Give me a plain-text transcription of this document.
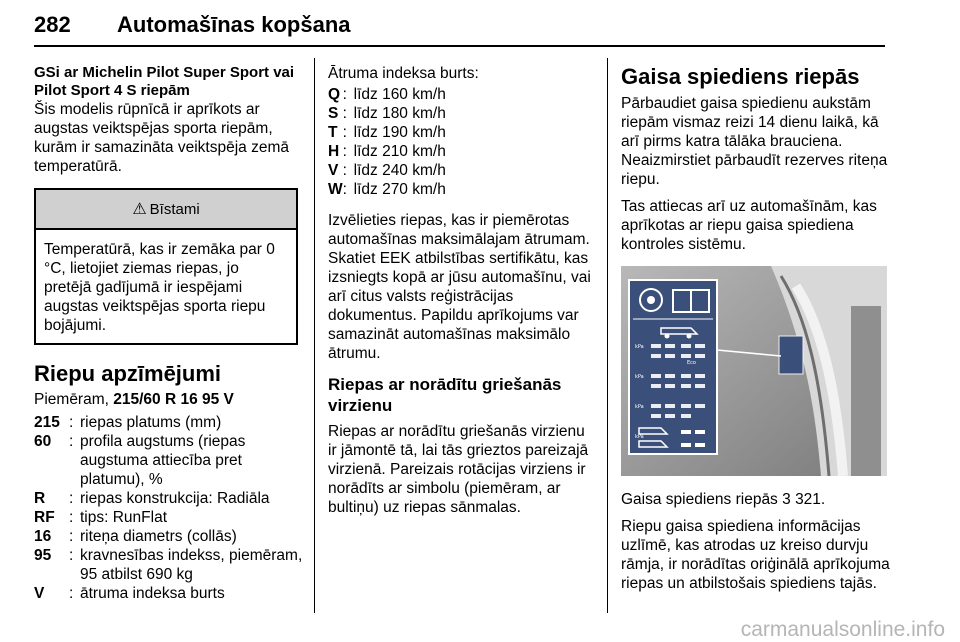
282 Automašīnas kopšana
GSi ar Michelin Pilot Super Sport vai Pilot Sport 4 S riepām

Šis modelis rūpnīcā ir aprīkots ar augstas veiktspējas sporta riepām, kurām ir samazināta veiktspēja zemā temperatūrā.

⚠ Bīstami
Temperatūrā, kas ir zemāka par 0 °C, lietojiet ziemas riepas, jo pretējā gadījumā ir iespējami augstas veiktspējas sporta riepu bojājumi.
Riepu apzīmējumi

Piemēram, 215/60 R 16 95 V

215	:	riepas platums (mm)
60	:	profila augstums (riepas augstuma attiecība pret platumu), %
R	:	riepas konstrukcija: Radiāla
RF	:	tips: RunFlat
16	:	riteņa diametrs (collās)
95	:	kravnesības indekss, piemēram, 95 atbilst 690 kg
V	:	ātruma indeksa burts

Ātruma indeksa burts:

Q	:	līdz 160 km/h
S	:	līdz 180 km/h
T	:	līdz 190 km/h
H	:	līdz 210 km/h
V	:	līdz 240 km/h
W	:	līdz 270 km/h

Izvēlieties riepas, kas ir piemērotas automašīnas maksimālajam ātrumam. Skatiet EEK atbilstības sertifikātu, kas izsniegts kopā ar jūsu automašīnu, vai arī citus valsts reģistrācijas dokumentus. Papildu aprīkojums var samazināt automašīnas maksimālo ātrumu.

Riepas ar norādītu griešanās virzienu

Riepas ar norādītu griešanās virzienu ir jāmontē tā, lai tās grieztos pareizajā virzienā. Pareizais rotācijas virziens ir norādīts ar simbolu (piemēram, ar bultiņu) uz riepas sānmalas.

Gaisa spiediens riepās

Pārbaudiet gaisa spiedienu aukstām riepām vismaz reizi 14 dienu laikā, kā arī pirms katra tālāka brauciena. Neaizmirstiet pārbaudīt rezerves riteņa riepu.

Tas attiecas arī uz automašīnām, kas aprīkotas ar riepu gaisa spiediena kontroles sistēmu.

kPa
kPa
kPa
kPa
Eco

Gaisa spiediens riepās 3 321.

Riepu gaisa spiediena informācijas uzlīmē, kas atrodas uz kreiso durvju rāmja, ir norādītas oriģinālā aprīkojuma riepas un atbilstošais spiediens tajās.

carmanualsonline.info
